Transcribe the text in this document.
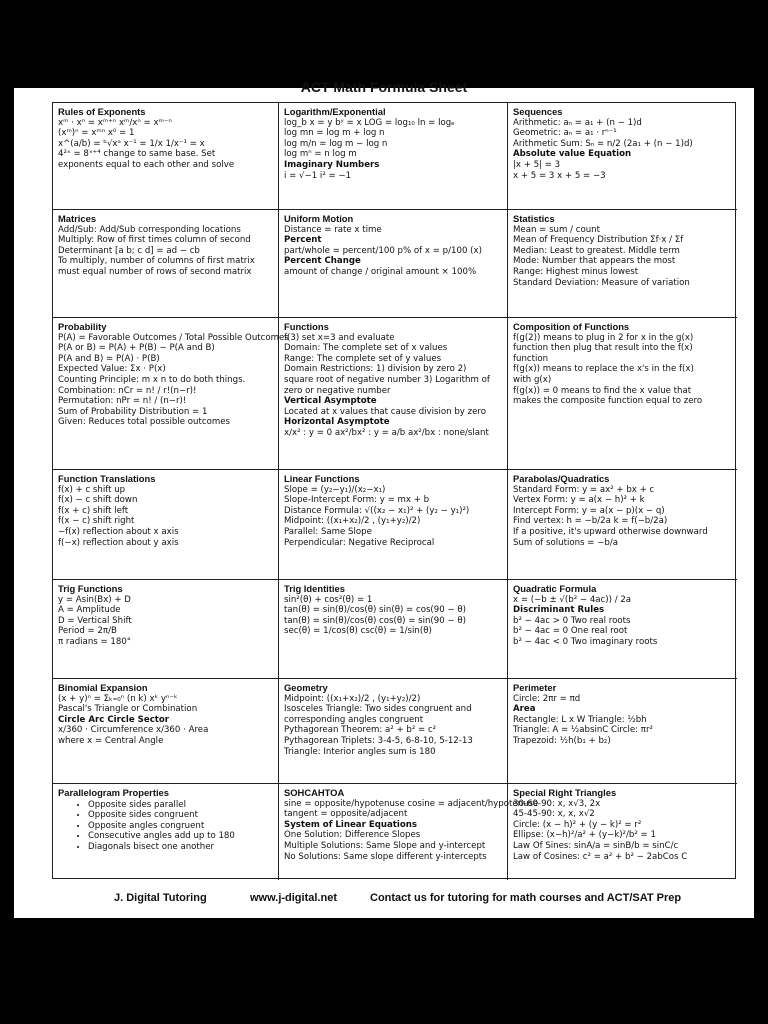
ACT Math Formula Sheet
Rules of Exponents
xᵐ · xⁿ = xᵐ⁺ⁿ xᵐ/xⁿ = xᵐ⁻ⁿ
(xᵐ)ⁿ = xᵐⁿ x⁰ = 1
x^(a/b) = ᵇ√xᵃ x⁻¹ = 1/x 1/x⁻¹ = x
4²ˣ = 8ˣ⁺⁴ change to same base. Set
exponents equal to each other and solve
Logarithm/Exponential
log_b x = y bʸ = x LOG = log₁₀ ln = logₑ
log mn = log m + log n
log m/n = log m − log n
log mⁿ = n log m
Imaginary Numbers
i = √−1 i² = −1
Sequences
Arithmetic: aₙ = a₁ + (n − 1)d
Geometric: aₙ = a₁ · rⁿ⁻¹
Arithmetic Sum: Sₙ = n/2 (2a₁ + (n − 1)d)
Absolute value Equation
|x + 5| = 3
x + 5 = 3 x + 5 = −3
Matrices
Add/Sub: Add/Sub corresponding locations
Multiply: Row of first times column of second
Determinant [a b; c d] = ad − cb
To multiply, number of columns of first matrix
must equal number of rows of second matrix
Uniform Motion
Distance = rate x time
Percent
part/whole = percent/100 p% of x = p/100 (x)
Percent Change
amount of change / original amount × 100%
Statistics
Mean = sum / count
Mean of Frequency Distribution Σf·x / Σf
Median: Least to greatest. Middle term
Mode: Number that appears the most
Range: Highest minus lowest
Standard Deviation: Measure of variation
Probability
P(A) = Favorable Outcomes / Total Possible Outcomes
P(A or B) = P(A) + P(B) − P(A and B)
P(A and B) = P(A) · P(B)
Expected Value: Σx · P(x)
Counting Principle: m x n to do both things.
Combination: nCr = n! / r!(n−r)!
Permutation: nPr = n! / (n−r)!
Sum of Probability Distribution = 1
Given: Reduces total possible outcomes
Functions
f(3) set x=3 and evaluate
Domain: The complete set of x values
Range: The complete set of y values
Domain Restrictions: 1) division by zero 2)
square root of negative number 3) Logarithm of
zero or negative number
Vertical Asymptote
Located at x values that cause division by zero
Horizontal Asymptote
x/x² : y = 0 ax²/bx² : y = a/b ax²/bx : none/slant
Composition of Functions
f(g(2)) means to plug in 2 for x in the g(x)
function then plug that result into the f(x)
function
f(g(x)) means to replace the x's in the f(x)
with g(x)
f(g(x)) = 0 means to find the x value that
makes the composite function equal to zero
Function Translations
f(x) + c shift up
f(x) − c shift down
f(x + c) shift left
f(x − c) shift right
−f(x) reflection about x axis
f(−x) reflection about y axis
Linear Functions
Slope = (y₂−y₁)/(x₂−x₁)
Slope-Intercept Form: y = mx + b
Distance Formula: √((x₂ − x₁)² + (y₂ − y₁)²)
Midpoint: ((x₁+x₂)/2 , (y₁+y₂)/2)
Parallel: Same Slope
Perpendicular: Negative Reciprocal
Parabolas/Quadratics
Standard Form: y = ax² + bx + c
Vertex Form: y = a(x − h)² + k
Intercept Form: y = a(x − p)(x − q)
Find vertex: h = −b/2a k = f(−b/2a)
If a positive, it's upward otherwise downward
Sum of solutions = −b/a
Trig Functions
y = Asin(Bx) + D
A = Amplitude
D = Vertical Shift
Period = 2π/B
π radians = 180°
Trig Identities
sin²(θ) + cos²(θ) = 1
tan(θ) = sin(θ)/cos(θ) sin(θ) = cos(90 − θ)
tan(θ) = sin(θ)/cos(θ) cos(θ) = sin(90 − θ)
sec(θ) = 1/cos(θ) csc(θ) = 1/sin(θ)
Quadratic Formula
x = (−b ± √(b² − 4ac)) / 2a
Discriminant Rules
b² − 4ac > 0 Two real roots
b² − 4ac = 0 One real root
b² − 4ac < 0 Two imaginary roots
Binomial Expansion
(x + y)ⁿ = Σₖ₌₀ⁿ (n k) xᵏ yⁿ⁻ᵏ
Pascal's Triangle or Combination
Circle Arc Circle Sector
x/360 · Circumference x/360 · Area
where x = Central Angle
Geometry
Midpoint: ((x₁+x₂)/2 , (y₁+y₂)/2)
Isosceles Triangle: Two sides congruent and
corresponding angles congruent
Pythagorean Theorem: a² + b² = c²
Pythagorean Triplets: 3-4-5, 6-8-10, 5-12-13
Triangle: Interior angles sum is 180
Perimeter
Circle: 2πr = πd
Area
Rectangle: L x W Triangle: ½bh
Triangle: A = ½absinC Circle: πr²
Trapezoid: ½h(b₁ + b₂)
Parallelogram Properties
• Opposite sides parallel
• Opposite sides congruent
• Opposite angles congruent
• Consecutive angles add up to 180
• Diagonals bisect one another
SOHCAHTOA
sine = opposite/hypotenuse cosine = adjacent/hypotenuse
tangent = opposite/adjacent
System of Linear Equations
One Solution: Difference Slopes
Multiple Solutions: Same Slope and y-intercept
No Solutions: Same slope different y-intercepts
Special Right Triangles
30-60-90: x, x√3, 2x
45-45-90: x, x, x√2
Circle: (x − h)² + (y − k)² = r²
Ellipse: (x−h)²/a² + (y−k)²/b² = 1
Law Of Sines: sinA/a = sinB/b = sinC/c
Law of Cosines: c² = a² + b² − 2abCos C
J. Digital Tutoring	www.j-digital.net	Contact us for tutoring for math courses and ACT/SAT Prep
